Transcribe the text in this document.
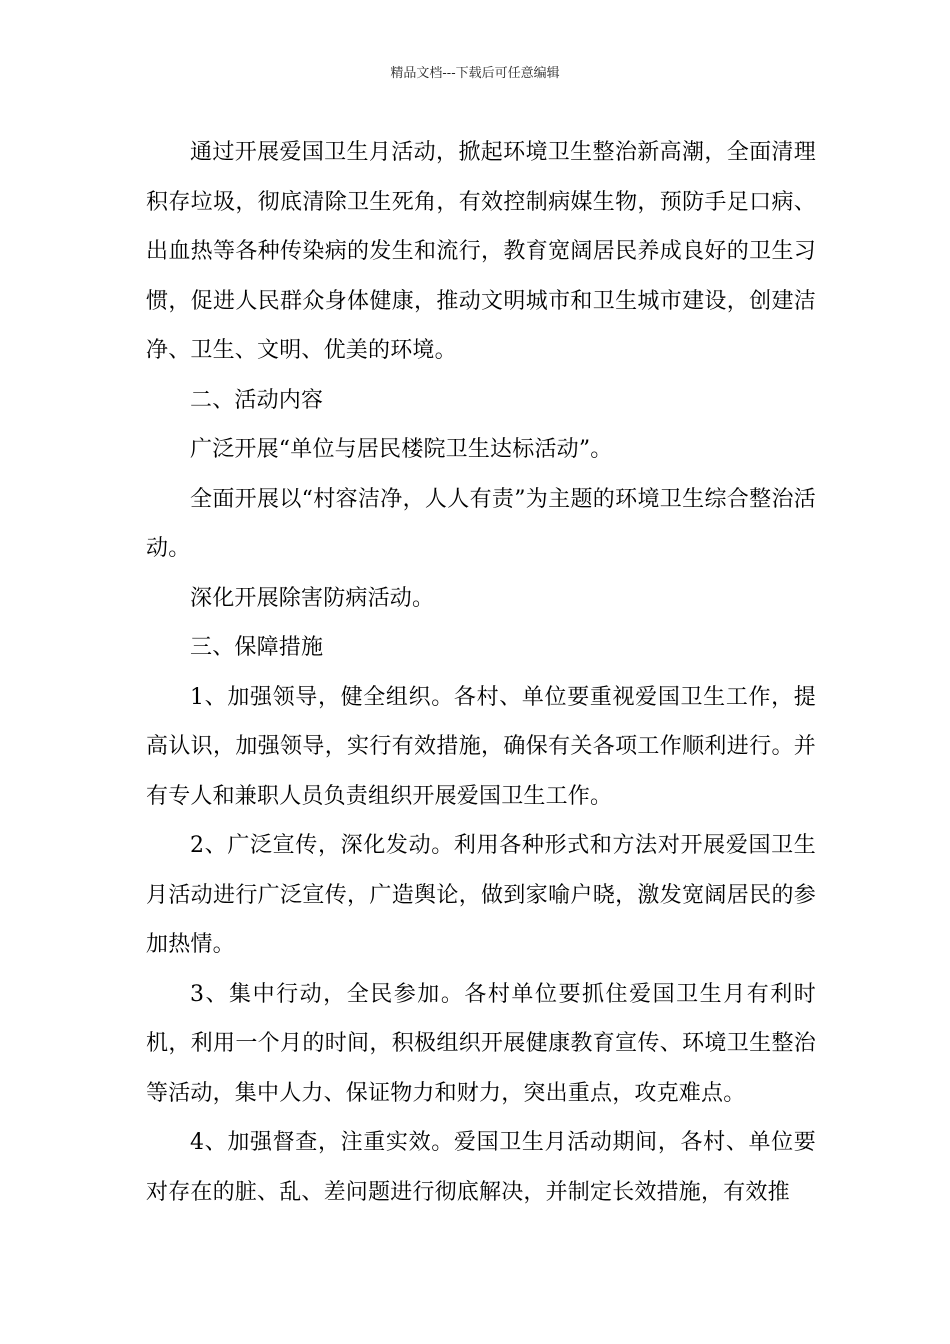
精品文档---下载后可任意编辑

通过开展爱国卫生月活动，掀起环境卫生整治新高潮，全面清理积存垃圾，彻底清除卫生死角，有效控制病媒生物，预防手足口病、出血热等各种传染病的发生和流行，教育宽阔居民养成良好的卫生习惯，促进人民群众身体健康，推动文明城市和卫生城市建设，创建洁净、卫生、文明、优美的环境。

二、活动内容

广泛开展“单位与居民楼院卫生达标活动”。

全面开展以“村容洁净，人人有责”为主题的环境卫生综合整治活动。

深化开展除害防病活动。

三、保障措施

1、加强领导，健全组织。各村、单位要重视爱国卫生工作，提高认识，加强领导，实行有效措施，确保有关各项工作顺利进行。并有专人和兼职人员负责组织开展爱国卫生工作。

2、广泛宣传，深化发动。利用各种形式和方法对开展爱国卫生月活动进行广泛宣传，广造舆论，做到家喻户晓，激发宽阔居民的参加热情。

3、集中行动，全民参加。各村单位要抓住爱国卫生月有利时机，利用一个月的时间，积极组织开展健康教育宣传、环境卫生整治等活动，集中人力、保证物力和财力，突出重点，攻克难点。

4、加强督查，注重实效。爱国卫生月活动期间，各村、单位要对存在的脏、乱、差问题进行彻底解决，并制定长效措施，有效推
